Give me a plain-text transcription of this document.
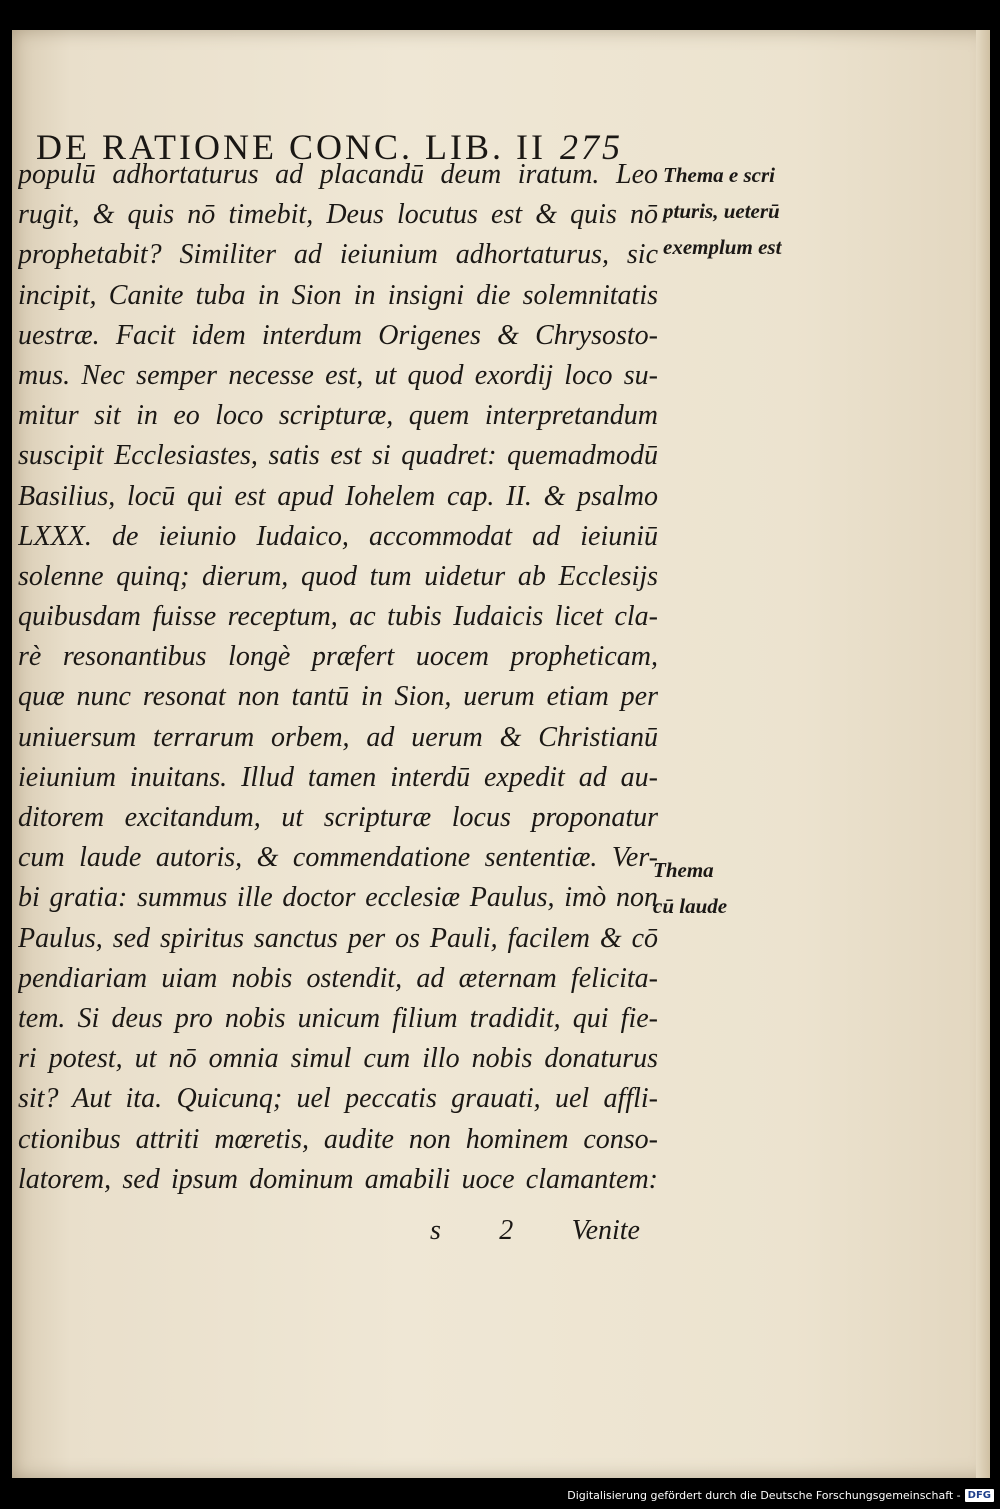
DE RATIONE CONC. LIB. II 275
populū adhortaturus ad placandū deum iratum. Leo
rugit, & quis nō timebit, Deus locutus est & quis nō
prophetabit? Similiter ad ieiunium adhortaturus, sic
incipit, Canite tuba in Sion in insigni die solemnitatis
uestræ. Facit idem interdum Origenes & Chrysosto-
mus. Nec semper necesse est, ut quod exordij loco su-
mitur sit in eo loco scripturæ, quem interpretandum
suscipit Ecclesiastes, satis est si quadret: quemadmodū
Basilius, locū qui est apud Iohelem cap. II. & psalmo
LXXX. de ieiunio Iudaico, accommodat ad ieiuniū
solenne quinq; dierum, quod tum uidetur ab Ecclesijs
quibusdam fuisse receptum, ac tubis Iudaicis licet cla-
rè resonantibus longè præfert uocem propheticam,
quæ nunc resonat non tantū in Sion, uerum etiam per
uniuersum terrarum orbem, ad uerum & Christianū
ieiunium inuitans. Illud tamen interdū expedit ad au-
ditorem excitandum, ut scripturæ locus proponatur
cum laude autoris, & commendatione sententiæ. Ver-
bi gratia: summus ille doctor ecclesiæ Paulus, imò non
Paulus, sed spiritus sanctus per os Pauli, facilem & cō
pendiariam uiam nobis ostendit, ad æternam felicita-
tem. Si deus pro nobis unicum filium tradidit, qui fie-
ri potest, ut nō omnia simul cum illo nobis donaturus
sit? Aut ita. Quicunq; uel peccatis grauati, uel affli-
ctionibus attriti mœretis, audite non hominem conso-
latorem, sed ipsum dominum amabili uoce clamantem:
Thema e scri
pturis, ueterū
exemplum est
Thema
cū laude
s 2 Venite
Digitalisierung gefördert durch die Deutsche Forschungsgemeinschaft - DFG
